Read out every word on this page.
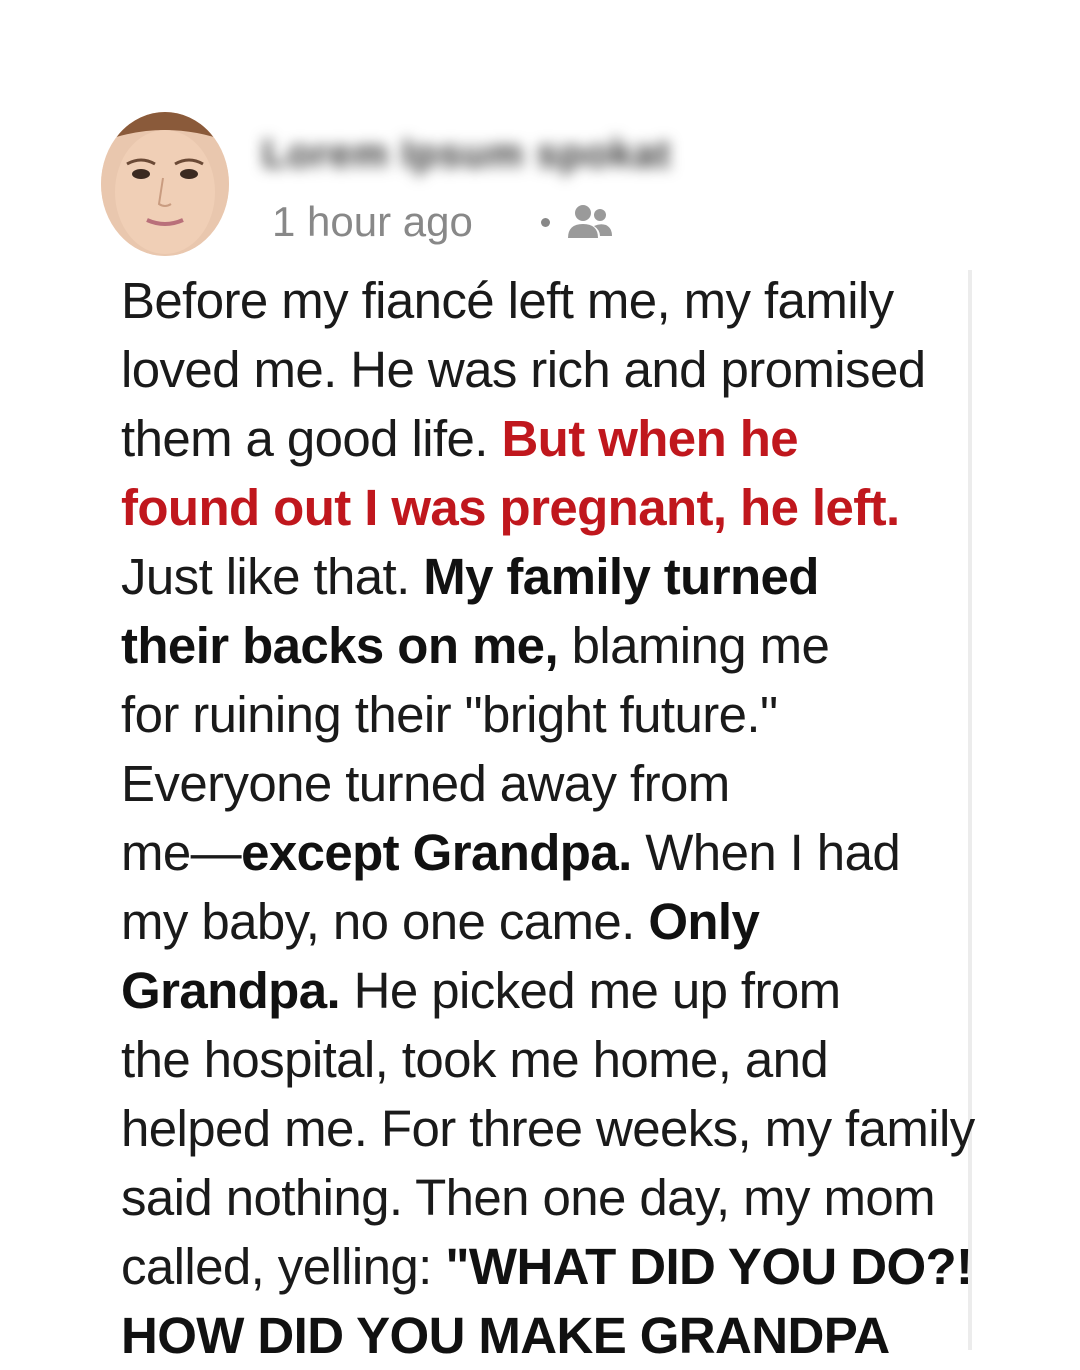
Lorem Ipsum spokat
1 hour ago
Before my fiancé left me, my family
loved me. He was rich and promised
them a good life. But when he
found out I was pregnant, he left.
Just like that. My family turned
their backs on me, blaming me
for ruining their "bright future."
Everyone turned away from
me—except Grandpa. When I had
my baby, no one came. Only
Grandpa. He picked me up from
the hospital, took me home, and
helped me. For three weeks, my family
said nothing. Then one day, my mom
called, yelling: "WHAT DID YOU DO?!
HOW DID YOU MAKE GRANDPA
